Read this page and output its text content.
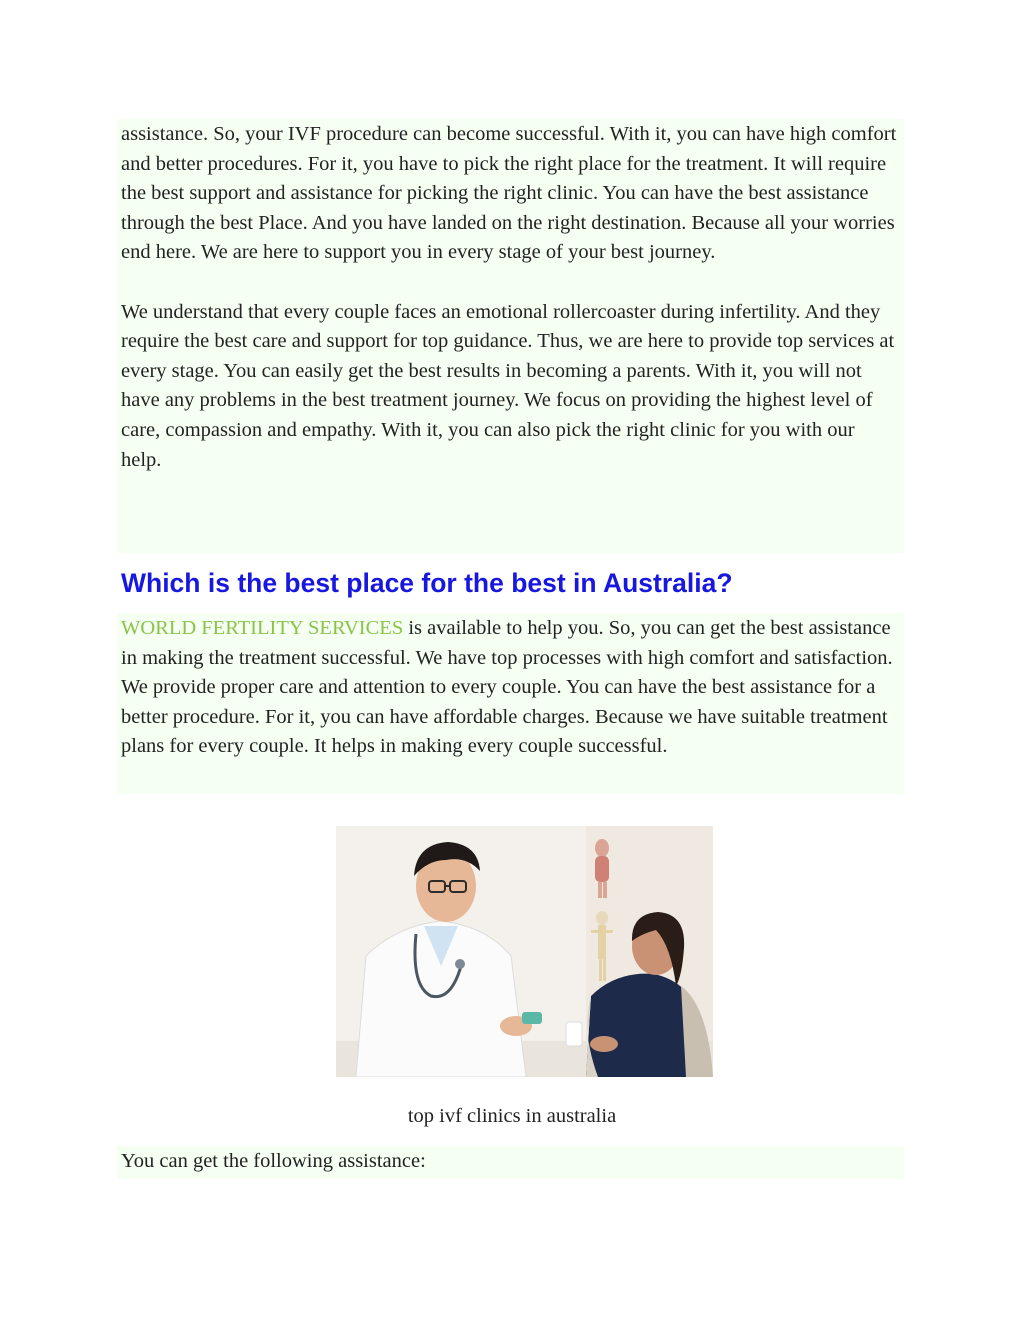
assistance. So, your IVF procedure can become successful. With it, you can have high comfort and better procedures. For it, you have to pick the right place for the treatment. It will require the best support and assistance for picking the right clinic. You can have the best assistance through the best Place. And you have landed on the right destination. Because all your worries end here. We are here to support you in every stage of your best journey.

We understand that every couple faces an emotional rollercoaster during infertility. And they require the best care and support for top guidance. Thus, we are here to provide top services at every stage. You can easily get the best results in becoming a parents. With it, you will not have any problems in the best treatment journey. We focus on providing the highest level of care, compassion and empathy. With it, you can also pick the right clinic for you with our help.

Which is the best place for the best in Australia?

WORLD FERTILITY SERVICES is available to help you. So, you can get the best assistance in making the treatment successful. We have top processes with high comfort and satisfaction. We provide proper care and attention to every couple. You can have the best assistance for a better procedure. For it, you can have affordable charges. Because we have suitable treatment plans for every couple. It helps in making every couple successful.

top ivf clinics in australia

You can get the following assistance:
